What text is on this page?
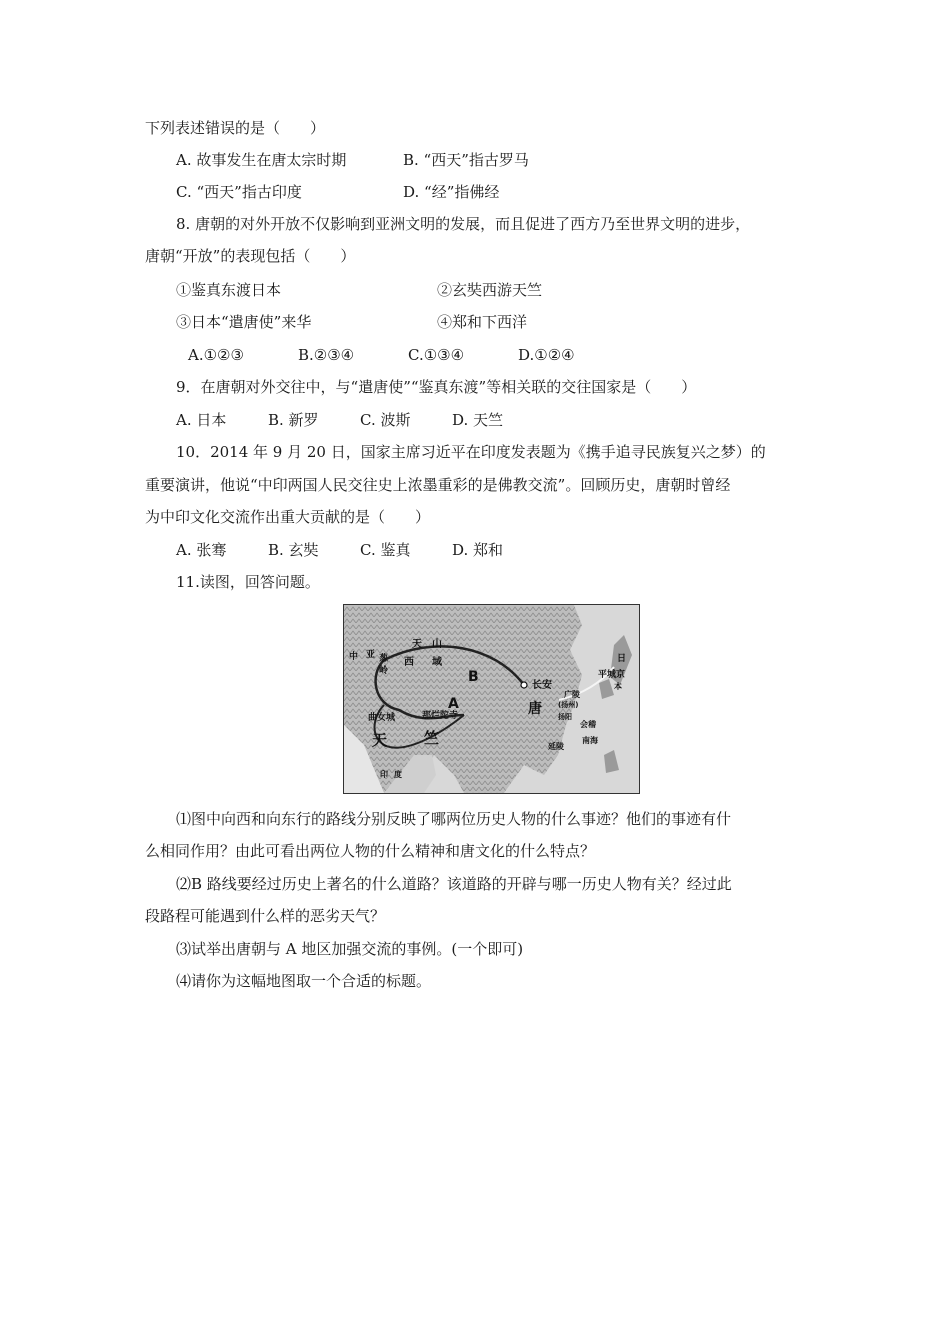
下列表述错误的是（　　）
A. 故事发生在唐太宗时期	B. “西天”指古罗马
C. “西天”指古印度	D. “经”指佛经
8. 唐朝的对外开放不仅影响到亚洲文明的发展，而且促进了西方乃至世界文明的进步，
唐朝“开放”的表现包括（　　）
①鉴真东渡日本	②玄奘西游天竺
③日本“遣唐使”来华	④郑和下西洋
A.①②③	B.②③④	C.①③④	D.①②④
9．在唐朝对外交往中，与“遣唐使”“鉴真东渡”等相关联的交往国家是（　　）
A. 日本	B. 新罗	C. 波斯	D. 天竺
10．2014 年 9 月 20 日，国家主席习近平在印度发表题为《携手追寻民族复兴之梦）的
重要演讲，他说“中印两国人民交往史上浓墨重彩的是佛教交流”。回顾历史，唐朝时曾经
为中印文化交流作出重大贡献的是（　　）
A. 张骞	B. 玄奘	C. 鉴真	D. 郑和
11.读图，回答问题。
天 山
中 亚 葱
岭
西 域
B
A
长安
唐
广陵
(扬州)
扬阳
会稽
南海
延陵
日
平城京
本
曲女城	那烂陀寺
天 竺
印 度
⑴图中向西和向东行的路线分别反映了哪两位历史人物的什么事迹？他们的事迹有什
么相同作用？由此可看出两位人物的什么精神和唐文化的什么特点？
⑵B 路线要经过历史上著名的什么道路？该道路的开辟与哪一历史人物有关？经过此
段路程可能遇到什么样的恶劣天气？
⑶试举出唐朝与 A 地区加强交流的事例。(一个即可)
⑷请你为这幅地图取一个合适的标题。
